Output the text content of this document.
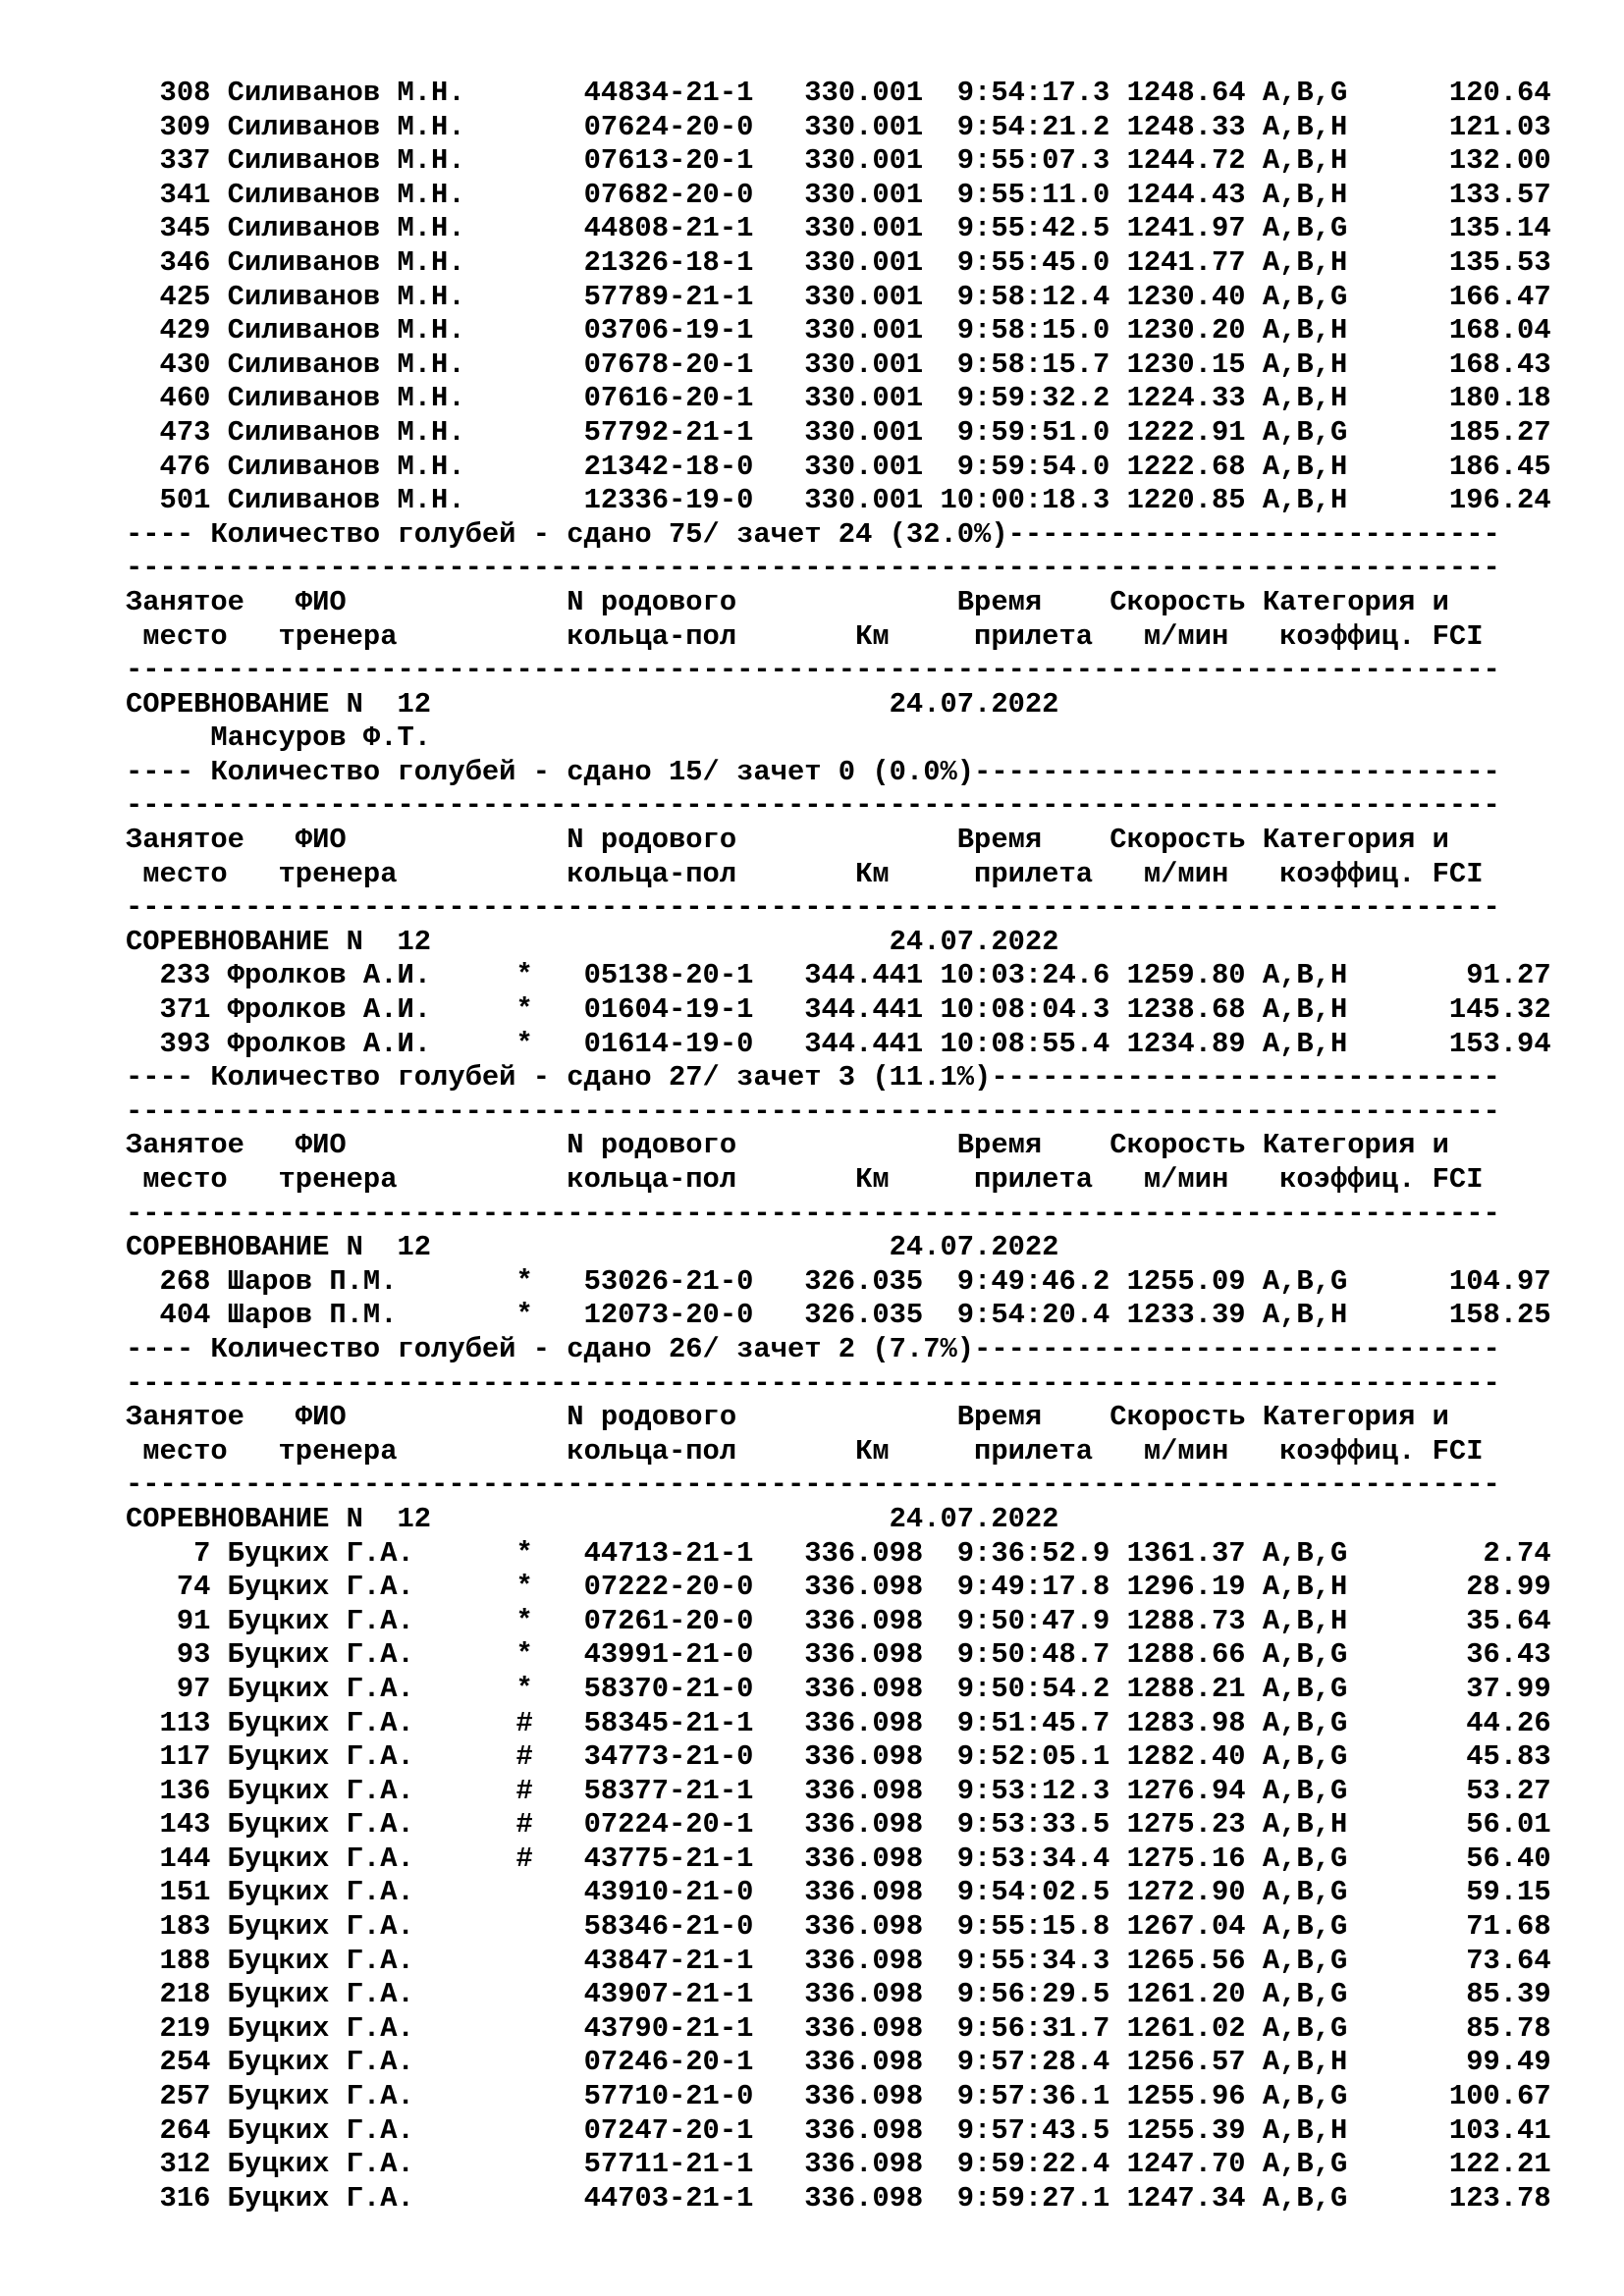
308 Силиванов М.Н.       44834-21-1   330.001  9:54:17.3 1248.64 A,B,G      120.64
309 Силиванов М.Н.       07624-20-0   330.001  9:54:21.2 1248.33 A,B,H      121.03
337 Силиванов М.Н.       07613-20-1   330.001  9:55:07.3 1244.72 A,B,H      132.00
341 Силиванов М.Н.       07682-20-0   330.001  9:55:11.0 1244.43 A,B,H      133.57
345 Силиванов М.Н.       44808-21-1   330.001  9:55:42.5 1241.97 A,B,G      135.14
346 Силиванов М.Н.       21326-18-1   330.001  9:55:45.0 1241.77 A,B,H      135.53
425 Силиванов М.Н.       57789-21-1   330.001  9:58:12.4 1230.40 A,B,G      166.47
429 Силиванов М.Н.       03706-19-1   330.001  9:58:15.0 1230.20 A,B,H      168.04
430 Силиванов М.Н.       07678-20-1   330.001  9:58:15.7 1230.15 A,B,H      168.43
460 Силиванов М.Н.       07616-20-1   330.001  9:59:32.2 1224.33 A,B,H      180.18
473 Силиванов М.Н.       57792-21-1   330.001  9:59:51.0 1222.91 A,B,G      185.27
476 Силиванов М.Н.       21342-18-0   330.001  9:59:54.0 1222.68 A,B,H      186.45
501 Силиванов М.Н.       12336-19-0   330.001 10:00:18.3 1220.85 A,B,H      196.24
---- Количество голубей - сдано 75/ зачет 24 (32.0%)-----------------------------
---------------------------------------------------------------------------------
Занятое   ФИО             N родового             Время    Скорость Категория и
место   тренера          кольца-пол       Км     прилета   м/мин   коэффиц. FCI
---------------------------------------------------------------------------------
СОРЕВНОВАНИЕ N  12                           24.07.2022
Мансуров Ф.Т.
---- Количество голубей - сдано 15/ зачет 0 (0.0%)-------------------------------
---------------------------------------------------------------------------------
Занятое   ФИО             N родового             Время    Скорость Категория и
место   тренера          кольца-пол       Км     прилета   м/мин   коэффиц. FCI
---------------------------------------------------------------------------------
СОРЕВНОВАНИЕ N  12                           24.07.2022
233 Фролков А.И.     *   05138-20-1   344.441 10:03:24.6 1259.80 A,B,H       91.27
371 Фролков А.И.     *   01604-19-1   344.441 10:08:04.3 1238.68 A,B,H      145.32
393 Фролков А.И.     *   01614-19-0   344.441 10:08:55.4 1234.89 A,B,H      153.94
---- Количество голубей - сдано 27/ зачет 3 (11.1%)------------------------------
---------------------------------------------------------------------------------
Занятое   ФИО             N родового             Время    Скорость Категория и
место   тренера          кольца-пол       Км     прилета   м/мин   коэффиц. FCI
---------------------------------------------------------------------------------
СОРЕВНОВАНИЕ N  12                           24.07.2022
268 Шаров П.М.       *   53026-21-0   326.035  9:49:46.2 1255.09 A,B,G      104.97
404 Шаров П.М.       *   12073-20-0   326.035  9:54:20.4 1233.39 A,B,H      158.25
---- Количество голубей - сдано 26/ зачет 2 (7.7%)-------------------------------
---------------------------------------------------------------------------------
Занятое   ФИО             N родового             Время    Скорость Категория и
место   тренера          кольца-пол       Км     прилета   м/мин   коэффиц. FCI
---------------------------------------------------------------------------------
СОРЕВНОВАНИЕ N  12                           24.07.2022
7 Буцких Г.А.      *   44713-21-1   336.098  9:36:52.9 1361.37 A,B,G        2.74
74 Буцких Г.А.      *   07222-20-0   336.098  9:49:17.8 1296.19 A,B,H       28.99
91 Буцких Г.А.      *   07261-20-0   336.098  9:50:47.9 1288.73 A,B,H       35.64
93 Буцких Г.А.      *   43991-21-0   336.098  9:50:48.7 1288.66 A,B,G       36.43
97 Буцких Г.А.      *   58370-21-0   336.098  9:50:54.2 1288.21 A,B,G       37.99
113 Буцких Г.А.      #   58345-21-1   336.098  9:51:45.7 1283.98 A,B,G       44.26
117 Буцких Г.А.      #   34773-21-0   336.098  9:52:05.1 1282.40 A,B,G       45.83
136 Буцких Г.А.      #   58377-21-1   336.098  9:53:12.3 1276.94 A,B,G       53.27
143 Буцких Г.А.      #   07224-20-1   336.098  9:53:33.5 1275.23 A,B,H       56.01
144 Буцких Г.А.      #   43775-21-1   336.098  9:53:34.4 1275.16 A,B,G       56.40
151 Буцких Г.А.          43910-21-0   336.098  9:54:02.5 1272.90 A,B,G       59.15
183 Буцких Г.А.          58346-21-0   336.098  9:55:15.8 1267.04 A,B,G       71.68
188 Буцких Г.А.          43847-21-1   336.098  9:55:34.3 1265.56 A,B,G       73.64
218 Буцких Г.А.          43907-21-1   336.098  9:56:29.5 1261.20 A,B,G       85.39
219 Буцких Г.А.          43790-21-1   336.098  9:56:31.7 1261.02 A,B,G       85.78
254 Буцких Г.А.          07246-20-1   336.098  9:57:28.4 1256.57 A,B,H       99.49
257 Буцких Г.А.          57710-21-0   336.098  9:57:36.1 1255.96 A,B,G      100.67
264 Буцких Г.А.          07247-20-1   336.098  9:57:43.5 1255.39 A,B,H      103.41
312 Буцких Г.А.          57711-21-1   336.098  9:59:22.4 1247.70 A,B,G      122.21
316 Буцких Г.А.          44703-21-1   336.098  9:59:27.1 1247.34 A,B,G      123.78
